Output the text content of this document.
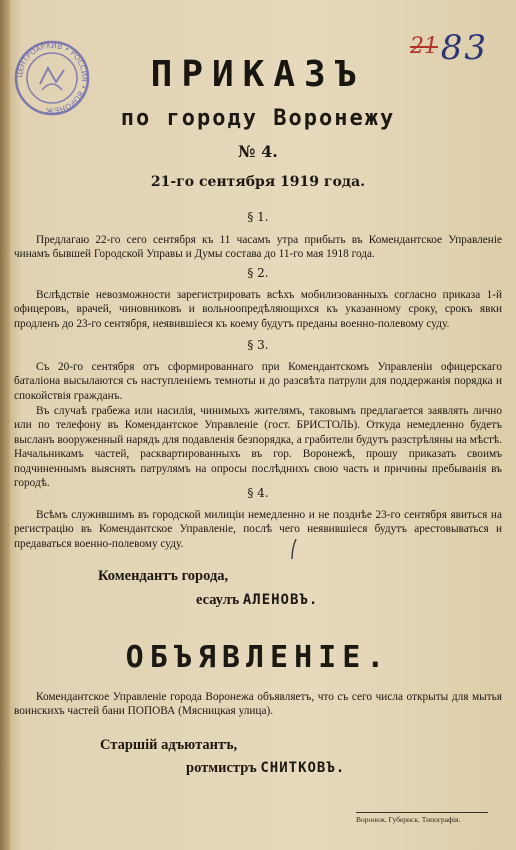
ЦЕНТРОАРХИВ • РОССИЯ • ВОРОНЕЖ
21 83
ПРИКАЗЪ
по городу Воронежу
№ 4.
21-го сентября 1919 года.
§ 1.
Предлагаю 22-го сего сентября къ 11 часамъ утра прибыть въ Комендантское Управленіе чинамъ бывшей Городской Управы и Думы состава до 11-го мая 1918 года.
§ 2.
Вслѣдствіе невозможности зарегистрировать всѣхъ мобилизованныхъ согласно приказа 1-й офицеровъ, врачей, чиновниковъ и вольноопредѣляющихся къ указанному сроку, срокъ явки продленъ до 23-го сентября, неявившіеся къ коему будутъ преданы военно-полевому суду.
§ 3.
Съ 20-го сентября отъ сформированнаго при Комендантскомъ Управленіи офицерскаго баталіона высылаются съ наступленіемъ темноты и до разсвѣта патрули для поддержанія порядка и спокойствія гражданъ.
Въ случаѣ грабежа или насилія, чинимыхъ жителямъ, таковымъ предлагается заявлять лично или по телефону въ Комендантское Управленіе (гост. БРИСТОЛЬ). Откуда немедленно будетъ высланъ вооруженный нарядъ для подавленія безпорядка, а грабители будутъ разстрѣляны на мѣстѣ. Начальникамъ частей, расквартированныхъ въ гор. Воронежѣ, прошу приказать своимъ подчиненнымъ выяснять патрулямъ на опросы послѣднихъ свою часть и причины пребыванія въ городѣ.
§ 4.
Всѣмъ служившимъ въ городской милиціи немедленно и не позднѣе 23-го сентября явиться на регистрацію въ Комендантское Управленіе, послѣ чего неявившіеся будутъ арестовываться и предаваться военно-полевому суду.
Комендантъ города,
есаулъ АЛЕНОВЪ.
ОБЪЯВЛЕНІЕ.
Комендантское Управленіе города Воронежа объявляетъ, что съ сего числа открыты для мытья воинскихъ частей бани ПОПОВА (Мясницкая улица).
Старшій адъютантъ,
ротмистръ СНИТКОВЪ.
Воронеж. Губернск. Типографія.
